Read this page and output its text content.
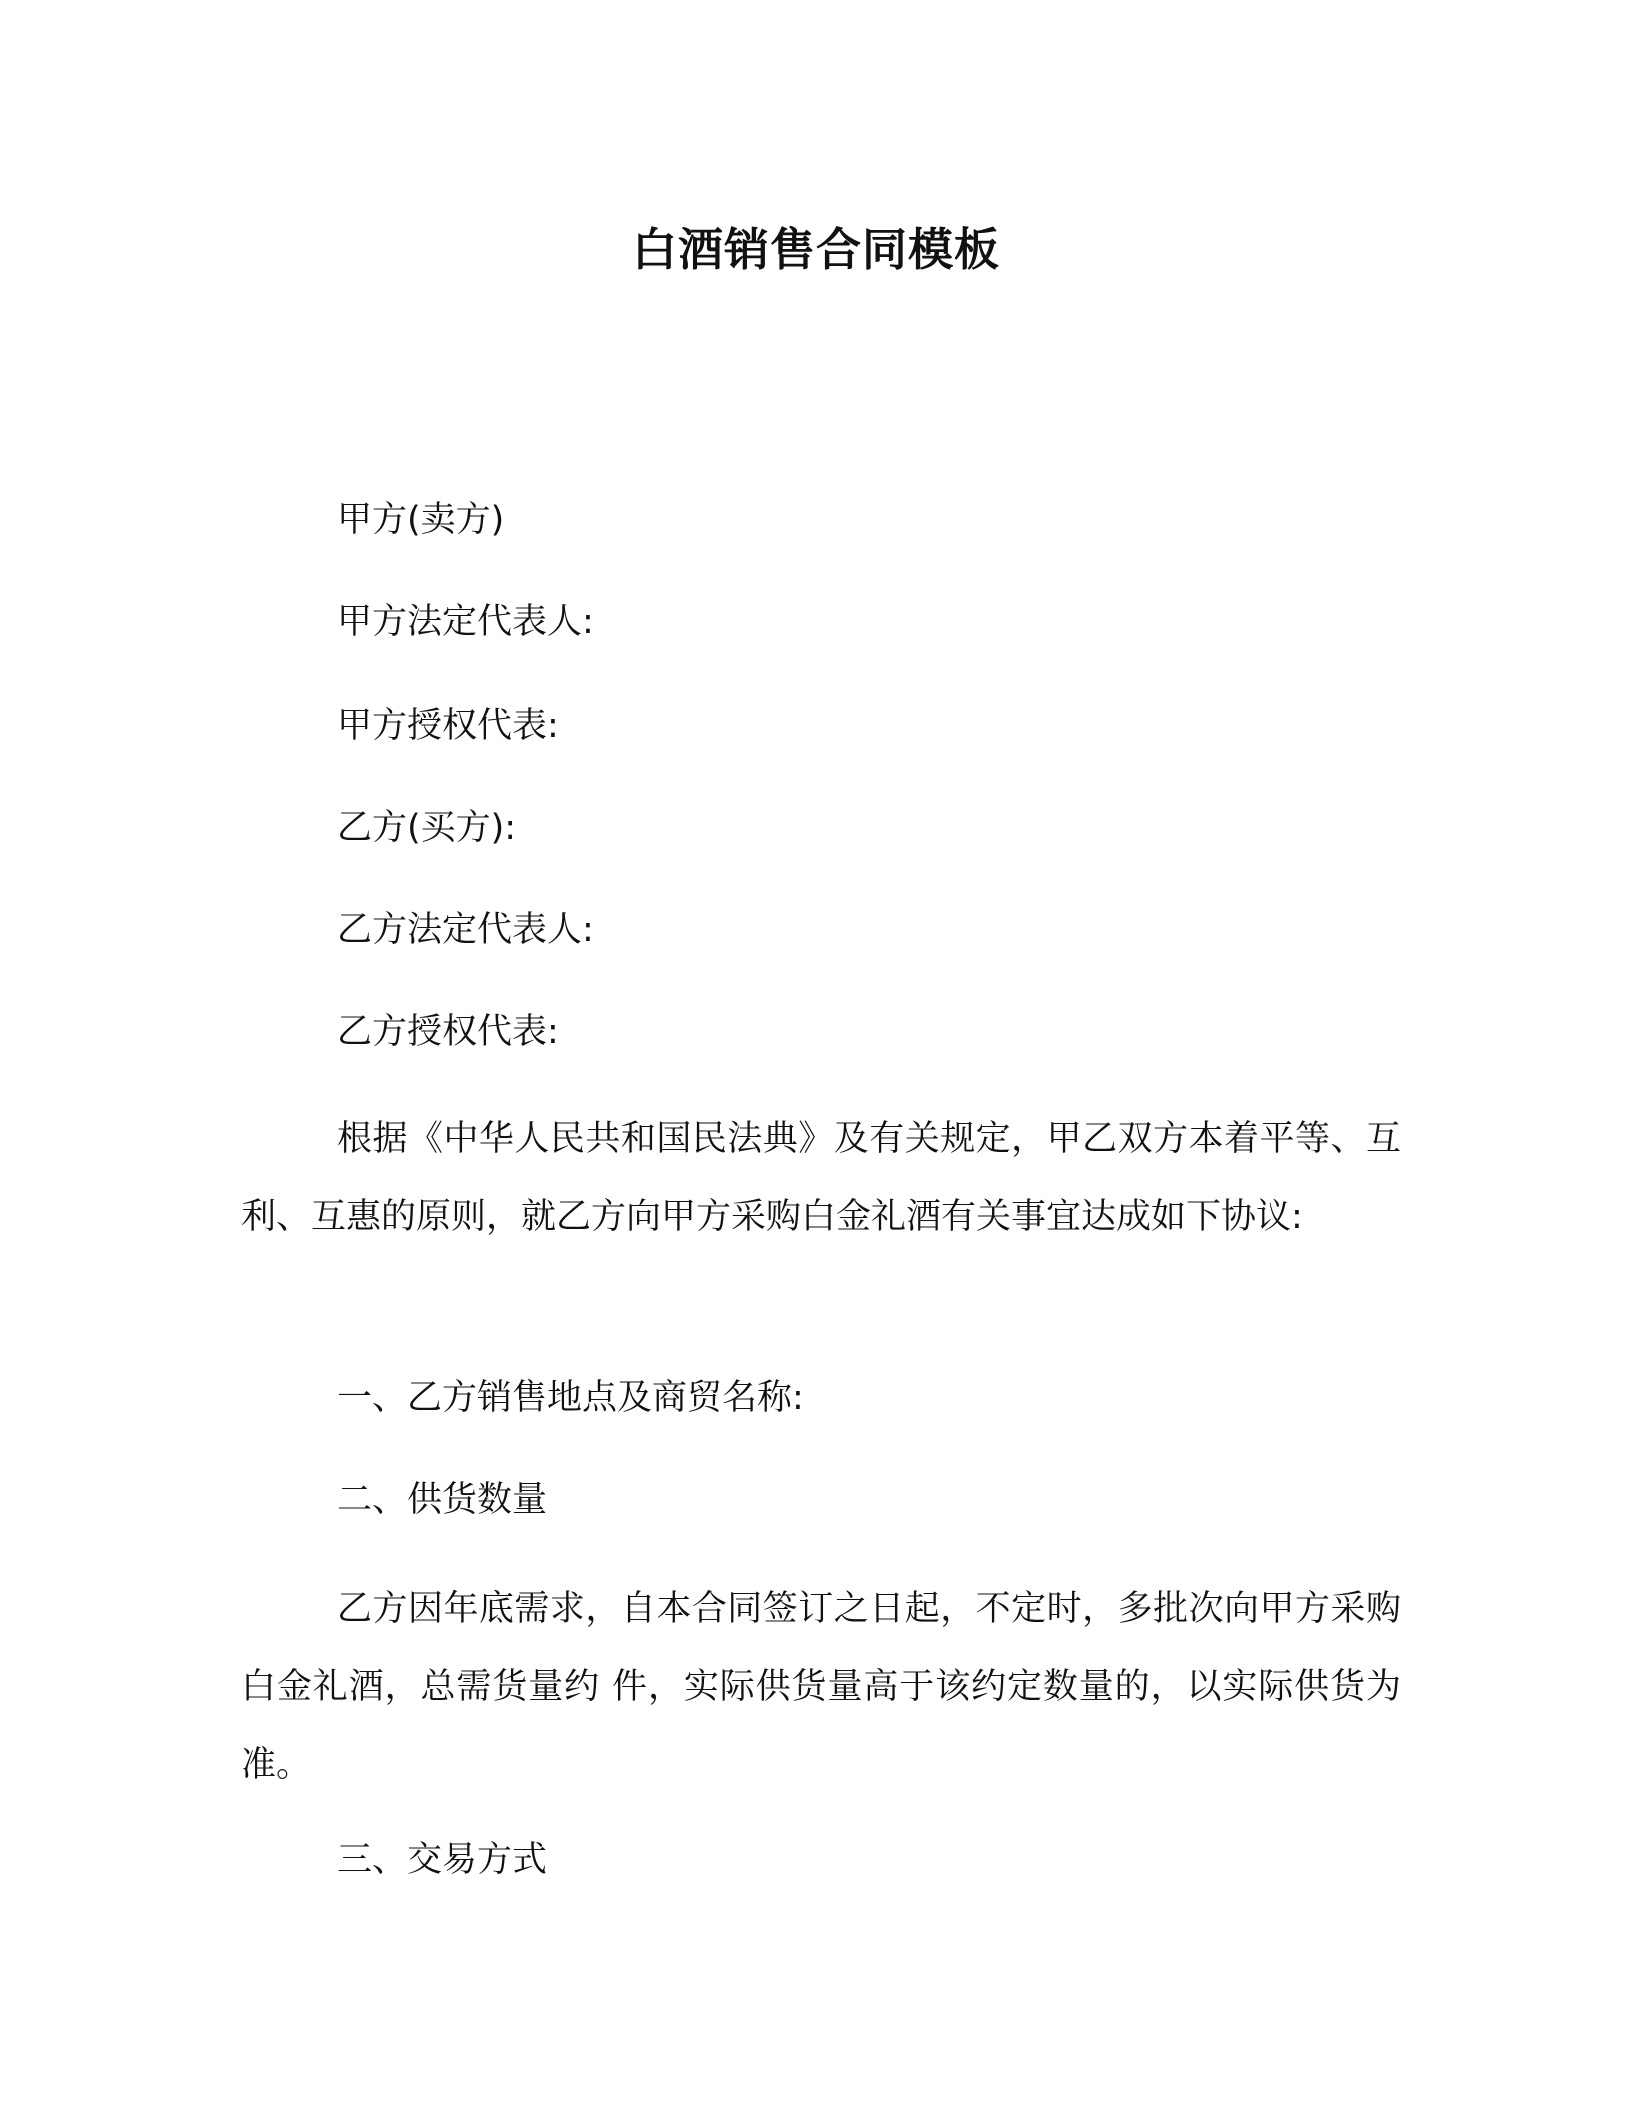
白酒销售合同模板
甲方(卖方)
甲方法定代表人:
甲方授权代表:
乙方(买方):
乙方法定代表人:
乙方授权代表:
根据《中华人民共和国民法典》及有关规定，甲乙双方本着平等、互利、互惠的原则，就乙方向甲方采购白金礼酒有关事宜达成如下协议:
一、乙方销售地点及商贸名称:
二、供货数量
乙方因年底需求，自本合同签订之日起，不定时，多批次向甲方采购白金礼酒，总需货量约 件，实际供货量高于该约定数量的，以实际供货为准。
三、交易方式
